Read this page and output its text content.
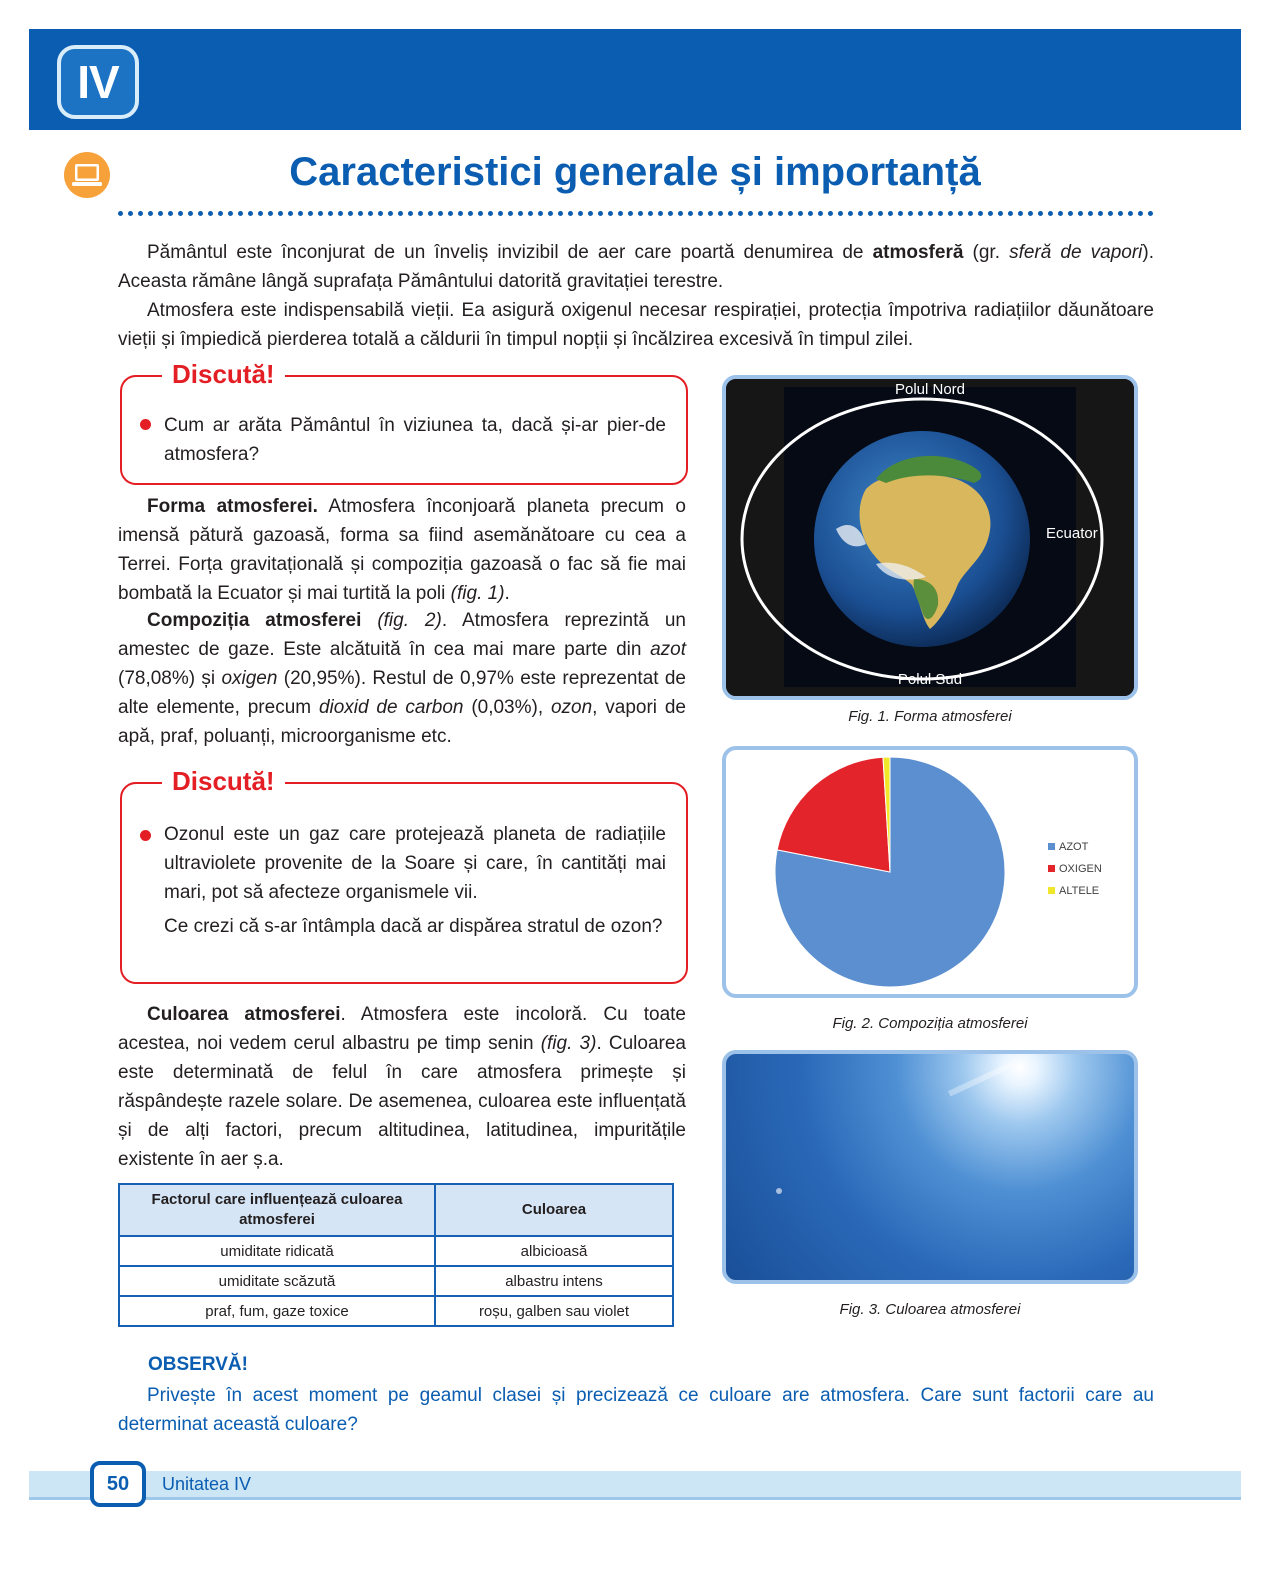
IV
Caracteristici generale și importanță

Pământul este înconjurat de un înveliș invizibil de aer care poartă denumirea de atmosferă (gr. sferă de vapori). Aceasta rămâne lângă suprafața Pământului datorită gravitației terestre.

Atmosfera este indispensabilă vieții. Ea asigură oxigenul necesar respirației, protecția împotriva radiațiilor dăunătoare vieții și împiedică pierderea totală a căldurii în timpul nopții și încălzirea excesivă în timpul zilei.

Discută!

Cum ar arăta Pământul în viziunea ta, dacă și-ar pier-de atmosfera?

Forma atmosferei. Atmosfera înconjoară planeta precum o imensă pătură gazoasă, forma sa fiind asemănătoare cu cea a Terrei. Forța gravitațională și compoziția gazoasă o fac să fie mai bombată la Ecuator și mai turtită la poli (fig. 1).

Compoziția atmosferei (fig. 2). Atmosfera reprezintă un amestec de gaze. Este alcătuită în cea mai mare parte din azot (78,08%) și oxigen (20,95%). Restul de 0,97% este reprezentat de alte elemente, precum dioxid de carbon (0,03%), ozon, vapori de apă, praf, poluanți, microorganisme etc.

Discută!

Ozonul este un gaz care protejează planeta de radiațiile ultraviolete provenite de la Soare și care, în cantități mai mari, pot să afecteze organismele vii.

Ce crezi că s-ar întâmpla dacă ar dispărea stratul de ozon?

Culoarea atmosferei. Atmosfera este incoloră. Cu toate acestea, noi vedem cerul albastru pe timp senin (fig. 3). Culoarea este determinată de felul în care atmosfera primește și răspândește razele solare. De asemenea, culoarea este influențată și de alți factori, precum altitudinea, latitudinea, impuritățile existente în aer ș.a.

Factorul care influențează culoarea atmosferei	Culoarea
umiditate ridicată	albicioasă
umiditate scăzută	albastru intens
praf, fum, gaze toxice	roșu, galben sau violet
Polul Nord
Polul Sud
Ecuator

Fig. 1. Forma atmosferei

AZOT
OXIGEN
ALTELE

Fig. 2. Compoziția atmosferei

Fig. 3. Culoarea atmosferei

OBSERVĂ!

Privește în acest moment pe geamul clasei și precizează ce culoare are atmosfera. Care sunt factorii care au determinat această culoare?

50	Unitatea IV
